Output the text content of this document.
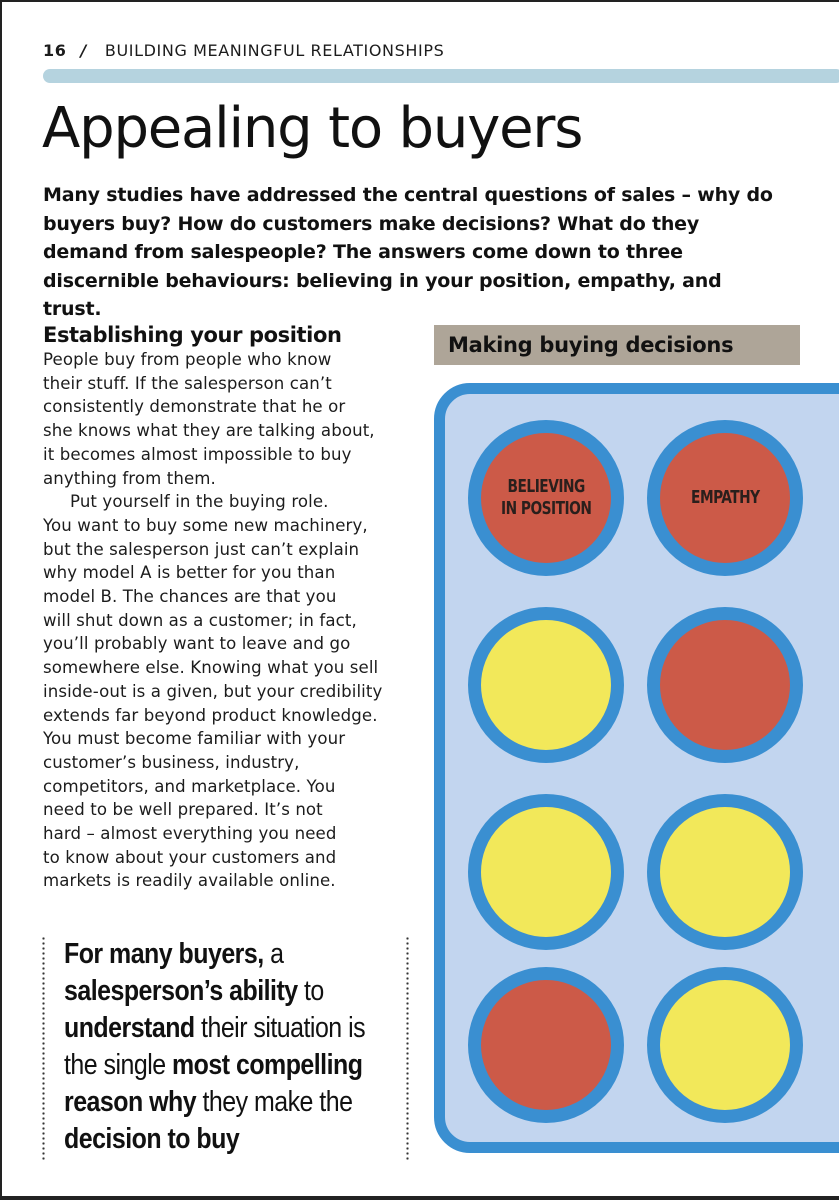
16 / BUILDING MEANINGFUL RELATIONSHIPS
Appealing to buyers

Many studies have addressed the central questions of sales – why do buyers buy? How do customers make decisions? What do they demand from salespeople? The answers come down to three discernible behaviours: believing in your position, empathy, and trust.

Establishing your position
People buy from people who know
their stuff. If the salesperson can’t
consistently demonstrate that he or
she knows what they are talking about,
it becomes almost impossible to buy
anything from them.
Put yourself in the buying role.
You want to buy some new machinery,
but the salesperson just can’t explain
why model A is better for you than
model B. The chances are that you
will shut down as a customer; in fact,
you’ll probably want to leave and go
somewhere else. Knowing what you sell
inside-out is a given, but your credibility
extends far beyond product knowledge.
You must become familiar with your
customer’s business, industry,
competitors, and marketplace. You
need to be well prepared. It’s not
hard – almost everything you need
to know about your customers and
markets is readily available online.
For many buyers, a
salesperson’s ability to
understand their situation is
the single most compelling
reason why they make the
decision to buy
Making buying decisions
BELIEVING
IN POSITION
EMPATHY
